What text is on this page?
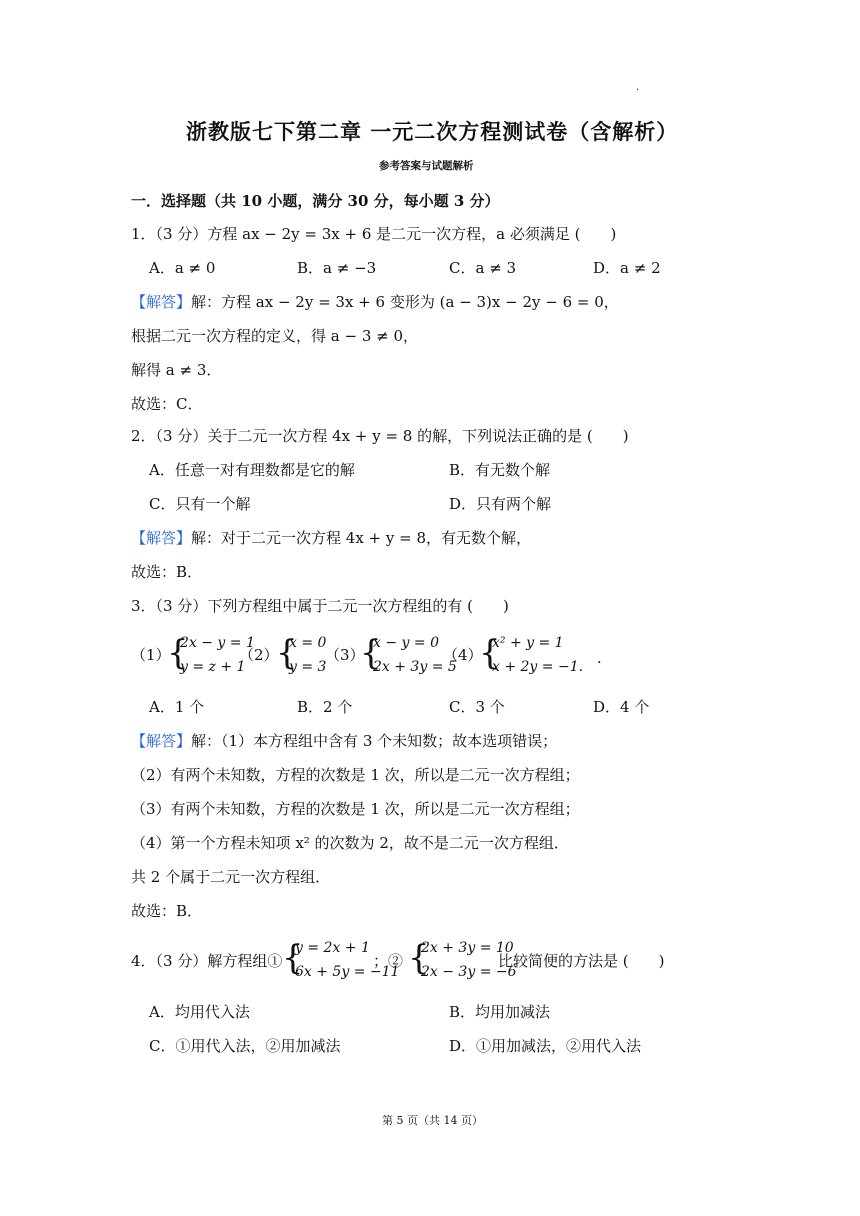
.
浙教版七下第二章 一元二次方程测试卷（含解析）
参考答案与试题解析
一．选择题（共 10 小题，满分 30 分，每小题 3 分）
1．（3 分）方程 ax − 2y = 3x + 6 是二元一次方程，a 必须满足 (　　)
A．a ≠ 0	B．a ≠ −3	C．a ≠ 3	D．a ≠ 2
【解答】解：方程 ax − 2y = 3x + 6 变形为 (a − 3)x − 2y − 6 = 0，
根据二元一次方程的定义，得 a − 3 ≠ 0，
解得 a ≠ 3．
故选：C．
2．（3 分）关于二元一次方程 4x + y = 8 的解，下列说法正确的是 (　　)
A．任意一对有理数都是它的解	B．有无数个解
C．只有一个解	D．只有两个解
【解答】解：对于二元一次方程 4x + y = 8，有无数个解，
故选：B．
3．（3 分）下列方程组中属于二元一次方程组的有 (　　)
（1）
{
2x − y = 1
y = z + 1
（2）
{
x = 0
y = 3
（3）
{
x − y = 0
2x + 3y = 5
（4）
{
x² + y = 1
x + 2y = −1. .
A．1 个	B．2 个	C．3 个	D．4 个
【解答】解：（1）本方程组中含有 3 个未知数；故本选项错误；
（2）有两个未知数，方程的次数是 1 次，所以是二元一次方程组；
（3）有两个未知数，方程的次数是 1 次，所以是二元一次方程组；
（4）第一个方程未知项 x² 的次数为 2，故不是二元一次方程组．
共 2 个属于二元一次方程组．
故选：B．
4．（3 分）解方程组① {
y = 2x + 1
6x + 5y = −11
；② {
2x + 3y = 10
2x − 3y = −6
比较简便的方法是 (　　)
A．均用代入法	B．均用加减法
C．①用代入法，②用加减法	D．①用加减法，②用代入法
第 5 页（共 14 页）
